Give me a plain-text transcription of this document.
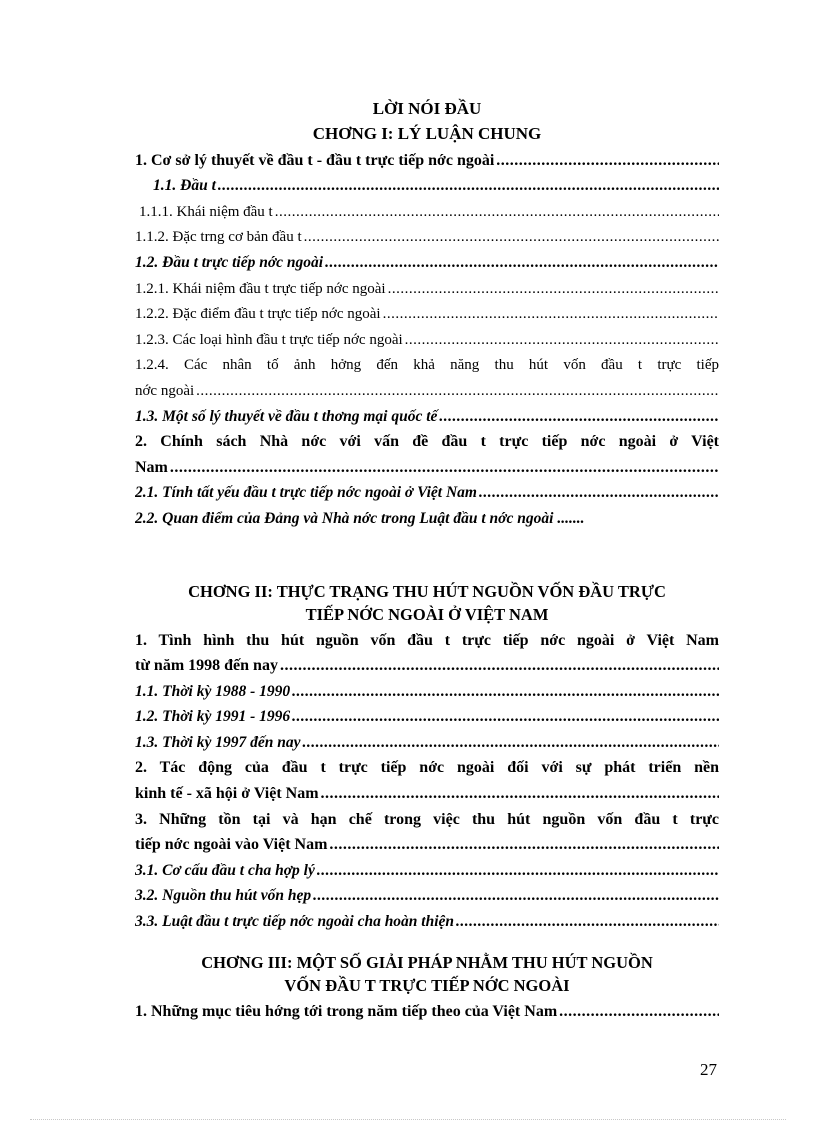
LỜI NÓI ĐẦU

CHƠNG I: LÝ LUẬN CHUNG

1. Cơ sở lý thuyết về đầu t - đầu t trực tiếp nớc ngoài
.....
1.1. Đầu t
.....
1.1.1. Khái niệm đầu t
.....
1.1.2. Đặc trng cơ bản đầu t
.....
1.2. Đầu t trực tiếp nớc ngoài
.....
1.2.1. Khái niệm đầu t trực tiếp nớc ngoài
.....
1.2.2. Đặc điểm đầu t trực tiếp nớc ngoài
.....
1.2.3. Các loại hình đầu t trực tiếp nớc ngoài
.....
1.2.4. Các nhân tố ảnh hởng đến khả năng thu hút vốn đầu t trực tiếp
nớc ngoài
.....
1.3. Một số lý thuyết về đầu t thơng mại quốc tế
.....
2. Chính sách Nhà nớc với vấn đề đầu t trực tiếp nớc ngoài ở Việt
Nam
.....
2.1. Tính tất yếu đầu t trực tiếp nớc ngoài ở Việt Nam
.....
2.2. Quan điểm của Đảng và Nhà nớc trong Luật đầu t nớc ngoài .......

CHƠNG II: THỰC TRẠNG THU HÚT NGUỒN VỐN ĐẦU TRỰC

TIẾP NỚC NGOÀI Ở VIỆT NAM

1. Tình hình thu hút nguồn vốn đầu t trực tiếp nớc ngoài ở Việt Nam
từ năm 1998 đến nay
.....
1.1. Thời kỳ 1988 - 1990
.....
1.2. Thời kỳ 1991 - 1996
.....
1.3. Thời kỳ 1997 đến nay
.....
2. Tác động của đầu t trực tiếp nớc ngoài đối với sự phát triển nền
kinh tế - xã hội ở Việt Nam
.....
3. Những tồn tại và hạn chế trong việc thu hút nguồn vốn đầu t trực
tiếp nớc ngoài vào Việt Nam
.....
3.1. Cơ cấu đầu t cha hợp lý
.....
3.2. Nguồn thu hút vốn hẹp
.....
3.3. Luật đầu t trực tiếp nớc ngoài cha hoàn thiện
.....

CHƠNG III: MỘT SỐ GIẢI PHÁP NHẰM THU HÚT NGUỒN

VỐN ĐẦU T TRỰC TIẾP NỚC NGOÀI

1. Những mục tiêu hớng tới trong năm tiếp theo của Việt Nam
.....
27
